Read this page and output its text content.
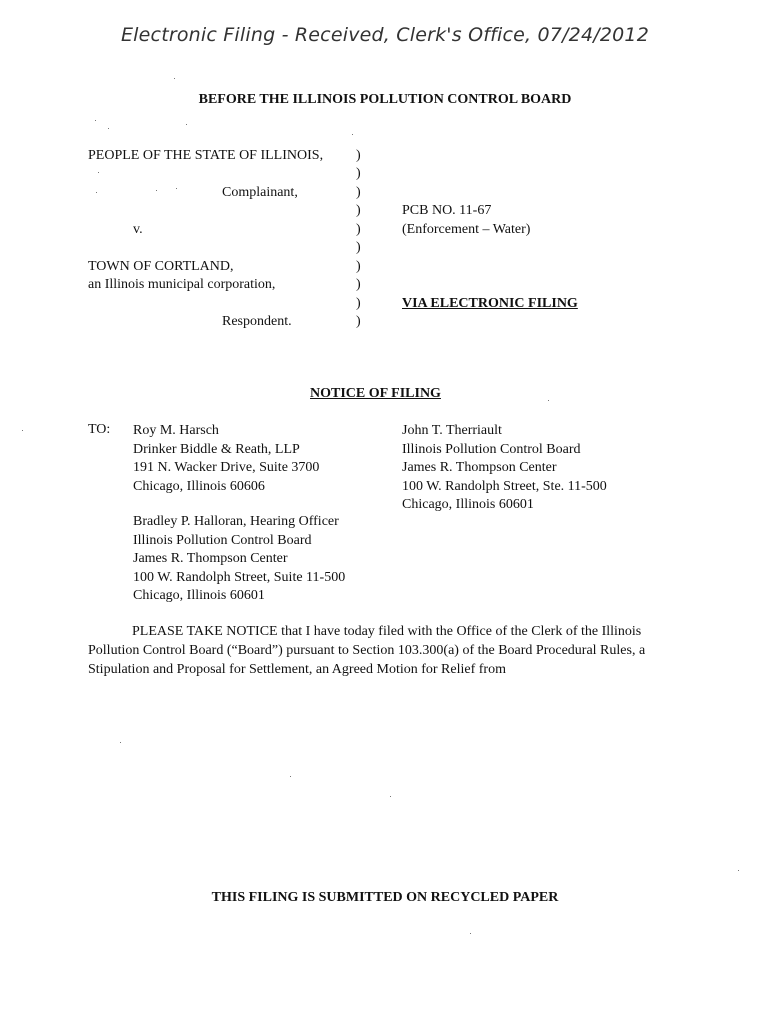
Electronic Filing - Received, Clerk's Office, 07/24/2012
BEFORE THE ILLINOIS POLLUTION CONTROL BOARD
PEOPLE OF THE STATE OF ILLINOIS,
Complainant,
v.
TOWN OF CORTLAND,
an Illinois municipal corporation,
Respondent.
)
)
)
)
)
)
)
)
)
)
PCB NO. 11-67
(Enforcement – Water)
VIA ELECTRONIC FILING
NOTICE OF FILING
TO: Roy M. Harsch
Drinker Biddle & Reath, LLP
191 N. Wacker Drive, Suite 3700
Chicago, Illinois 60606
Bradley P. Halloran, Hearing Officer
Illinois Pollution Control Board
James R. Thompson Center
100 W. Randolph Street, Suite 11-500
Chicago, Illinois 60601
John T. Therriault
Illinois Pollution Control Board
James R. Thompson Center
100 W. Randolph Street, Ste. 11-500
Chicago, Illinois 60601
PLEASE TAKE NOTICE that I have today filed with the Office of the Clerk of the Illinois Pollution Control Board (“Board”) pursuant to Section 103.300(a) of the Board Procedural Rules, a Stipulation and Proposal for Settlement, an Agreed Motion for Relief from
THIS FILING IS SUBMITTED ON RECYCLED PAPER
